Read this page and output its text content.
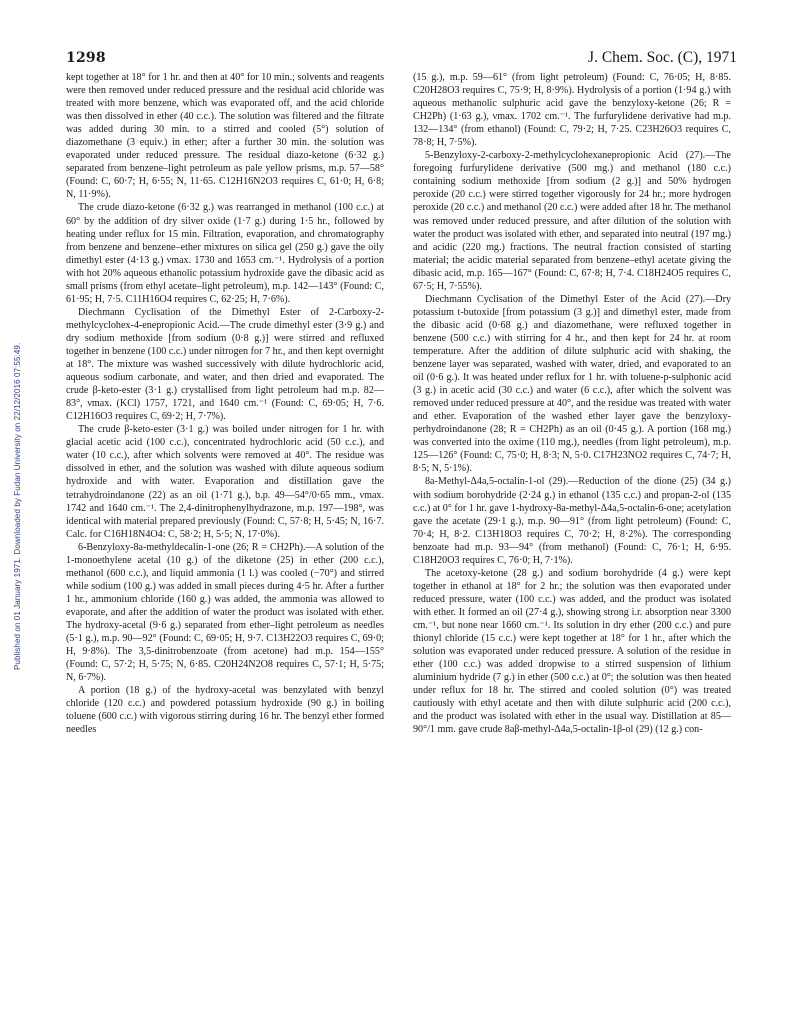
1298	J. Chem. Soc. (C), 1971
Published on 01 January 1971. Downloaded by Fudan University on 22/12/2016 07:55:49.

kept together at 18° for 1 hr. and then at 40° for 10 min.; solvents and reagents were then removed under reduced pressure and the residual acid chloride was treated with more benzene, which was evaporated off, and the acid chloride was then dissolved in ether (40 c.c.). The solution was filtered and the filtrate was added during 30 min. to a stirred and cooled (5°) solution of diazomethane (3 equiv.) in ether; after a further 30 min. the solution was evaporated under reduced pressure. The residual diazo-ketone (6·32 g.) separated from benzene–light petroleum as pale yellow prisms, m.p. 57—58° (Found: C, 60·7; H, 6·55; N, 11·65. C12H16N2O3 requires C, 61·0; H, 6·8; N, 11·9%).

The crude diazo-ketone (6·32 g.) was rearranged in methanol (100 c.c.) at 60° by the addition of dry silver oxide (1·7 g.) during 1·5 hr., followed by heating under reflux for 15 min. Filtration, evaporation, and chromatography from benzene and benzene–ether mixtures on silica gel (250 g.) gave the oily dimethyl ester (4·13 g.) νmax. 1730 and 1653 cm.⁻¹. Hydrolysis of a portion with hot 20% aqueous ethanolic potassium hydroxide gave the dibasic acid as small prisms (from ethyl acetate–light petroleum), m.p. 142—143° (Found: C, 61·95; H, 7·5. C11H16O4 requires C, 62·25; H, 7·6%).

Diechmann Cyclisation of the Dimethyl Ester of 2-Carboxy-2-methylcyclohex-4-enepropionic Acid.—The crude dimethyl ester (3·9 g.) and dry sodium methoxide [from sodium (0·8 g.)] were stirred and refluxed together in benzene (100 c.c.) under nitrogen for 7 hr., and then kept overnight at 18°. The mixture was washed successively with dilute hydrochloric acid, aqueous sodium carbonate, and water, and then dried and evaporated. The crude β-keto-ester (3·1 g.) crystallised from light petroleum had m.p. 82—83°, νmax. (KCl) 1757, 1721, and 1640 cm.⁻¹ (Found: C, 69·05; H, 7·6. C12H16O3 requires C, 69·2; H, 7·7%).

The crude β-keto-ester (3·1 g.) was boiled under nitrogen for 1 hr. with glacial acetic acid (100 c.c.), concentrated hydrochloric acid (50 c.c.), and water (10 c.c.), after which solvents were removed at 40°. The residue was dissolved in ether, and the solution was washed with dilute aqueous sodium hydroxide and with water. Evaporation and distillation gave the tetrahydroindanone (22) as an oil (1·71 g.), b.p. 49—54°/0·65 mm., νmax. 1742 and 1640 cm.⁻¹. The 2,4-dinitrophenylhydrazone, m.p. 197—198°, was identical with material prepared previously (Found: C, 57·8; H, 5·45; N, 16·7. Calc. for C16H18N4O4: C, 58·2; H, 5·5; N, 17·0%).

6-Benzyloxy-8a-methyldecalin-1-one (26; R = CH2Ph).—A solution of the 1-monoethylene acetal (10 g.) of the diketone (25) in ether (200 c.c.), methanol (600 c.c.), and liquid ammonia (1 l.) was cooled (−70°) and stirred while sodium (100 g.) was added in small pieces during 4·5 hr. After a further 1 hr., ammonium chloride (160 g.) was added, the ammonia was allowed to evaporate, and after the addition of water the product was isolated with ether. The hydroxy-acetal (9·6 g.) separated from ether–light petroleum as needles (5·1 g.), m.p. 90—92° (Found: C, 69·05; H, 9·7. C13H22O3 requires C, 69·0; H, 9·8%). The 3,5-dinitrobenzoate (from acetone) had m.p. 154—155° (Found: C, 57·2; H, 5·75; N, 6·85. C20H24N2O8 requires C, 57·1; H, 5·75; N, 6·7%).

A portion (18 g.) of the hydroxy-acetal was benzylated with benzyl chloride (120 c.c.) and powdered potassium hydroxide (90 g.) in boiling toluene (600 c.c.) with vigorous stirring during 16 hr. The benzyl ether formed needles

(15 g.), m.p. 59—61° (from light petroleum) (Found: C, 76·05; H, 8·85. C20H28O3 requires C, 75·9; H, 8·9%). Hydrolysis of a portion (1·94 g.) with aqueous methanolic sulphuric acid gave the benzyloxy-ketone (26; R = CH2Ph) (1·63 g.), νmax. 1702 cm.⁻¹. The furfurylidene derivative had m.p. 132—134° (from ethanol) (Found: C, 79·2; H, 7·25. C23H26O3 requires C, 78·8; H, 7·5%).

5-Benzyloxy-2-carboxy-2-methylcyclohexanepropionic Acid (27).—The foregoing furfurylidene derivative (500 mg.) and methanol (180 c.c.) containing sodium methoxide [from sodium (2 g.)] and 50% hydrogen peroxide (20 c.c.) were stirred together vigorously for 24 hr.; more hydrogen peroxide (20 c.c.) and methanol (20 c.c.) were added after 18 hr. The methanol was removed under reduced pressure, and after dilution of the solution with water the product was isolated with ether, and separated into neutral (197 mg.) and acidic (220 mg.) fractions. The neutral fraction consisted of starting material; the acidic material separated from benzene–ethyl acetate giving the dibasic acid, m.p. 165—167° (Found: C, 67·8; H, 7·4. C18H24O5 requires C, 67·5; H, 7·55%).

Diechmann Cyclisation of the Dimethyl Ester of the Acid (27).—Dry potassium t-butoxide [from potassium (3 g.)] and dimethyl ester, made from the dibasic acid (0·68 g.) and diazomethane, were refluxed together in benzene (500 c.c.) with stirring for 4 hr., and then kept for 24 hr. at room temperature. After the addition of dilute sulphuric acid with shaking, the benzene layer was separated, washed with water, dried, and evaporated to an oil (0·6 g.). It was heated under reflux for 1 hr. with toluene-p-sulphonic acid (3 g.) in acetic acid (30 c.c.) and water (6 c.c.), after which the solvent was removed under reduced pressure at 40°, and the residue was treated with water and ether. Evaporation of the washed ether layer gave the benzyloxy-perhydroindanone (28; R = CH2Ph) as an oil (0·45 g.). A portion (168 mg.) was converted into the oxime (110 mg.), needles (from light petroleum), m.p. 125—126° (Found: C, 75·0; H, 8·3; N, 5·0. C17H23NO2 requires C, 74·7; H, 8·5; N, 5·1%).

8a-Methyl-Δ4a,5-octalin-1-ol (29).—Reduction of the dione (25) (34 g.) with sodium borohydride (2·24 g.) in ethanol (135 c.c.) and propan-2-ol (135 c.c.) at 0° for 1 hr. gave 1-hydroxy-8a-methyl-Δ4a,5-octalin-6-one; acetylation gave the acetate (29·1 g.), m.p. 90—91° (from light petroleum) (Found: C, 70·4; H, 8·2. C13H18O3 requires C, 70·2; H, 8·2%). The corresponding benzoate had m.p. 93—94° (from methanol) (Found: C, 76·1; H, 6·95. C18H20O3 requires C, 76·0; H, 7·1%).

The acetoxy-ketone (28 g.) and sodium borohydride (4 g.) were kept together in ethanol at 18° for 2 hr.; the solution was then evaporated under reduced pressure, water (100 c.c.) was added, and the product was isolated with ether. It formed an oil (27·4 g.), showing strong i.r. absorption near 3300 cm.⁻¹, but none near 1660 cm.⁻¹. Its solution in dry ether (200 c.c.) and pure thionyl chloride (15 c.c.) were kept together at 18° for 1 hr., after which the solution was evaporated under reduced pressure. A solution of the residue in ether (100 c.c.) was added dropwise to a stirred suspension of lithium aluminium hydride (7 g.) in ether (500 c.c.) at 0°; the solution was then heated under reflux for 18 hr. The stirred and cooled solution (0°) was treated cautiously with ethyl acetate and then with dilute sulphuric acid (200 c.c.), and the product was isolated with ether in the usual way. Distillation at 85—90°/1 mm. gave crude 8aβ-methyl-Δ4a,5-octalin-1β-ol (29) (12 g.) con-
